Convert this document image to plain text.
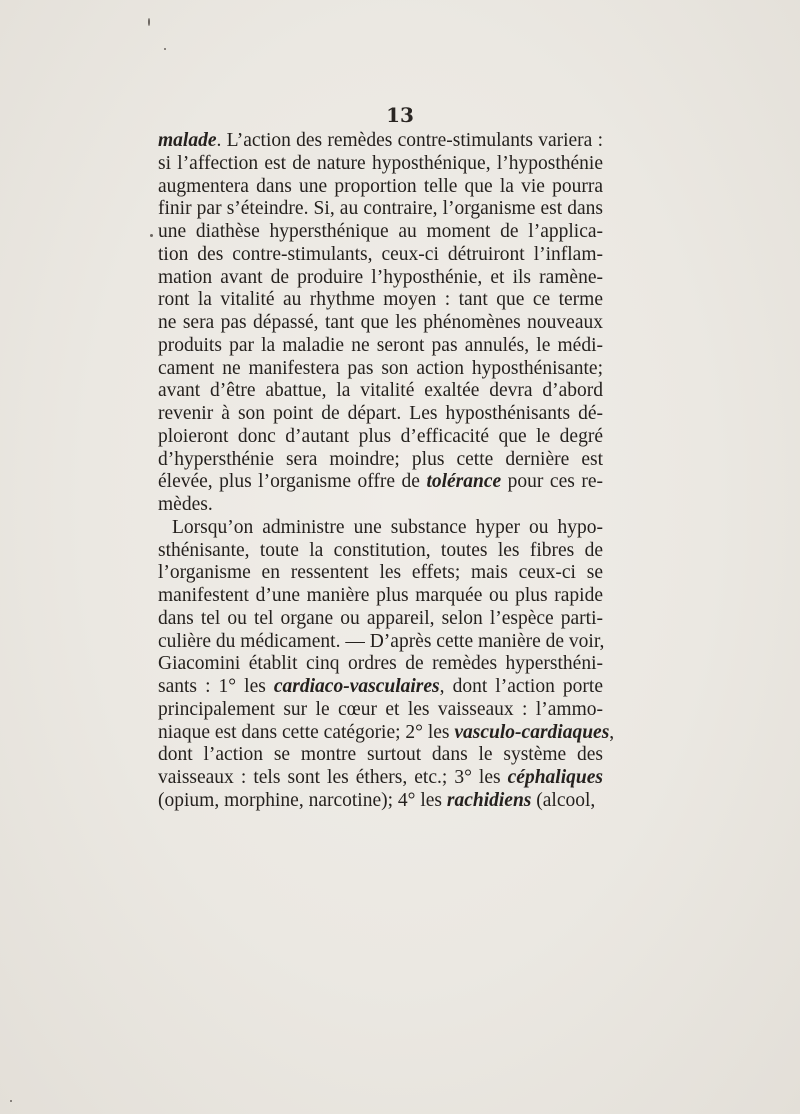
13
malade. L’action des remèdes contre-stimulants variera :
si l’affection est de nature hyposthénique, l’hyposthénie
augmentera dans une proportion telle que la vie pourra
finir par s’éteindre. Si, au contraire, l’organisme est dans
une diathèse hypersthénique au moment de l’applica-
tion des contre-stimulants, ceux-ci détruiront l’inflam-
mation avant de produire l’hyposthénie, et ils ramène-
ront la vitalité au rhythme moyen : tant que ce terme
ne sera pas dépassé, tant que les phénomènes nouveaux
produits par la maladie ne seront pas annulés, le médi-
cament ne manifestera pas son action hyposthénisante;
avant d’être abattue, la vitalité exaltée devra d’abord
revenir à son point de départ. Les hyposthénisants dé-
ploieront donc d’autant plus d’efficacité que le degré
d’hypersthénie sera moindre; plus cette dernière est
élevée, plus l’organisme offre de tolérance pour ces re-
mèdes.
Lorsqu’on administre une substance hyper ou hypo-
sthénisante, toute la constitution, toutes les fibres de
l’organisme en ressentent les effets; mais ceux-ci se
manifestent d’une manière plus marquée ou plus rapide
dans tel ou tel organe ou appareil, selon l’espèce parti-
culière du médicament. — D’après cette manière de voir,
Giacomini établit cinq ordres de remèdes hypersthéni-
sants : 1° les cardiaco-vasculaires, dont l’action porte
principalement sur le cœur et les vaisseaux : l’ammo-
niaque est dans cette catégorie; 2° les vasculo-cardiaques,
dont l’action se montre surtout dans le système des
vaisseaux : tels sont les éthers, etc.; 3° les céphaliques
(opium, morphine, narcotine); 4° les rachidiens (alcool,
